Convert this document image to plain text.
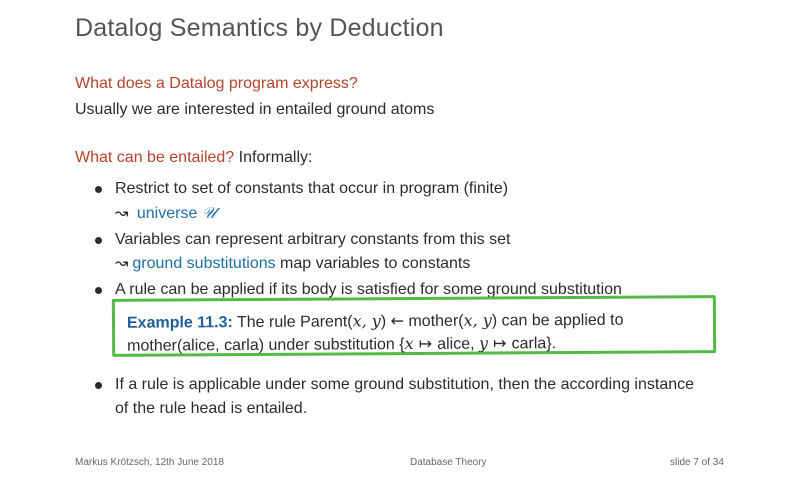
Datalog Semantics by Deduction
What does a Datalog program express?
Usually we are interested in entailed ground atoms
What can be entailed? Informally:
Restrict to set of constants that occur in program (finite)
↝ universe 𝒰
Variables can represent arbitrary constants from this set
↝ ground substitutions map variables to constants
A rule can be applied if its body is satisfied for some ground substitution
Example 11.3: The rule Parent(x, y) ← mother(x, y) can be applied to
mother(alice, carla) under substitution {x ↦ alice, y ↦ carla}.
If a rule is applicable under some ground substitution, then the according instance
of the rule head is entailed.
Markus Krötzsch, 12th June 2018	Database Theory	slide 7 of 34
